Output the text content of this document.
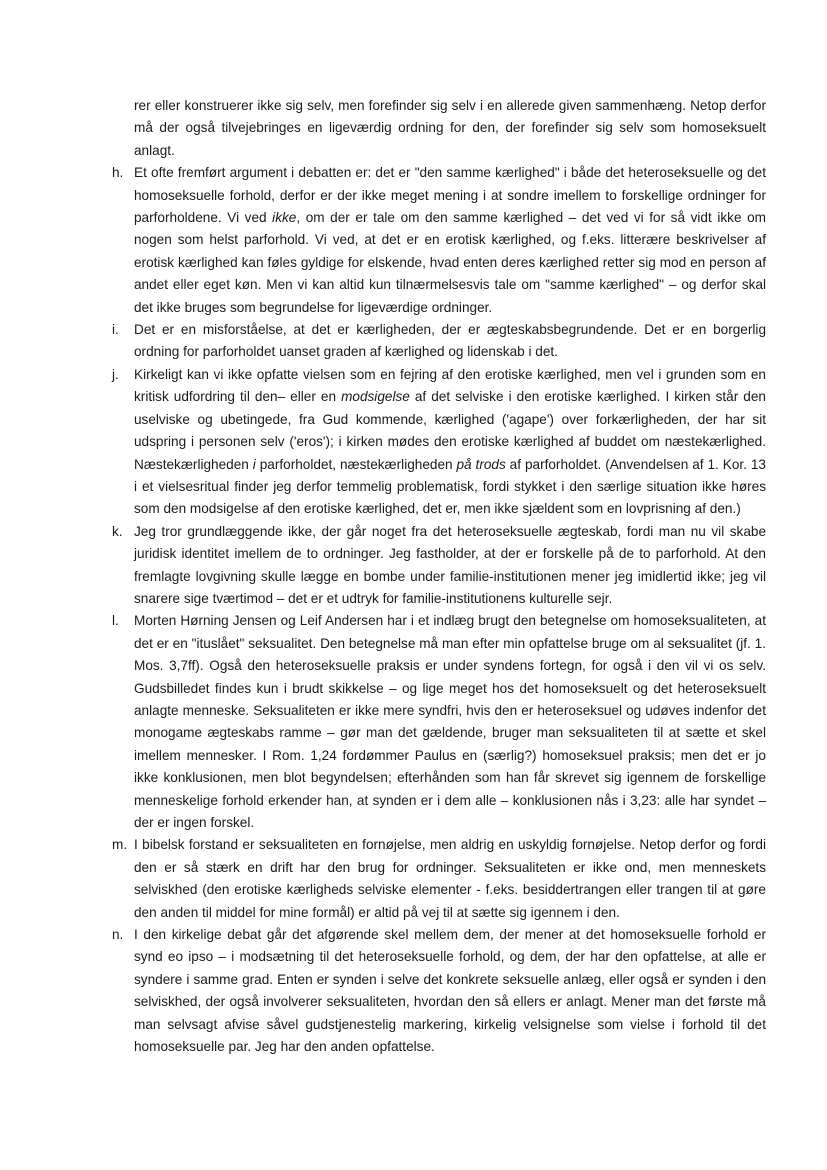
rer eller konstruerer ikke sig selv, men forefinder sig selv i en allerede given sammenhæng. Netop derfor må der også tilvejebringes en ligeværdig ordning for den, der forefinder sig selv som homoseksuelt anlagt.

h. Et ofte fremført argument i debatten er: det er "den samme kærlighed" i både det heteroseksuelle og det homoseksuelle forhold, derfor er der ikke meget mening i at sondre imellem to forskellige ordninger for parforholdene. Vi ved ikke, om der er tale om den samme kærlighed – det ved vi for så vidt ikke om nogen som helst parforhold. Vi ved, at det er en erotisk kærlighed, og f.eks. litterære beskrivelser af erotisk kærlighed kan føles gyldige for elskende, hvad enten deres kærlighed retter sig mod en person af andet eller eget køn. Men vi kan altid kun tilnærmelsesvis tale om "samme kærlighed" – og derfor skal det ikke bruges som begrundelse for ligeværdige ordninger.
i. Det er en misforståelse, at det er kærligheden, der er ægteskabsbegrundende. Det er en borgerlig ordning for parforholdet uanset graden af kærlighed og lidenskab i det.
j. Kirkeligt kan vi ikke opfatte vielsen som en fejring af den erotiske kærlighed, men vel i grunden som en kritisk udfordring til den– eller en modsigelse af det selviske i den erotiske kærlighed. I kirken står den uselviske og ubetingede, fra Gud kommende, kærlighed ('agape') over forkærligheden, der har sit udspring i personen selv ('eros'); i kirken mødes den erotiske kærlighed af buddet om næstekærlighed. Næstekærligheden i parforholdet, næstekærligheden på trods af parforholdet. (Anvendelsen af 1. Kor. 13 i et vielsesritual finder jeg derfor temmelig problematisk, fordi stykket i den særlige situation ikke høres som den modsigelse af den erotiske kærlighed, det er, men ikke sjældent som en lovprisning af den.)
k. Jeg tror grundlæggende ikke, der går noget fra det heteroseksuelle ægteskab, fordi man nu vil skabe juridisk identitet imellem de to ordninger. Jeg fastholder, at der er forskelle på de to parforhold. At den fremlagte lovgivning skulle lægge en bombe under familie-institutionen mener jeg imidlertid ikke; jeg vil snarere sige tværtimod – det er et udtryk for familie-institutionens kulturelle sejr.
l. Morten Hørning Jensen og Leif Andersen har i et indlæg brugt den betegnelse om homoseksualiteten, at det er en "ituslået" seksualitet. Den betegnelse må man efter min opfattelse bruge om al seksualitet (jf. 1. Mos. 3,7ff). Også den heteroseksuelle praksis er under syndens fortegn, for også i den vil vi os selv. Gudsbilledet findes kun i brudt skikkelse – og lige meget hos det homoseksuelt og det heteroseksuelt anlagte menneske. Seksualiteten er ikke mere syndfri, hvis den er heteroseksuel og udøves indenfor det monogame ægteskabs ramme – gør man det gældende, bruger man seksualiteten til at sætte et skel imellem mennesker. I Rom. 1,24 fordømmer Paulus en (særlig?) homoseksuel praksis; men det er jo ikke konklusionen, men blot begyndelsen; efterhånden som han får skrevet sig igennem de forskellige menneskelige forhold erkender han, at synden er i dem alle – konklusionen nås i 3,23: alle har syndet – der er ingen forskel.
m. I bibelsk forstand er seksualiteten en fornøjelse, men aldrig en uskyldig fornøjelse. Netop derfor og fordi den er så stærk en drift har den brug for ordninger. Seksualiteten er ikke ond, men menneskets selviskhed (den erotiske kærligheds selviske elementer - f.eks. besiddertrangen eller trangen til at gøre den anden til middel for mine formål) er altid på vej til at sætte sig igennem i den.
n. I den kirkelige debat går det afgørende skel mellem dem, der mener at det homoseksuelle forhold er synd eo ipso – i modsætning til det heteroseksuelle forhold, og dem, der har den opfattelse, at alle er syndere i samme grad. Enten er synden i selve det konkrete seksuelle anlæg, eller også er synden i den selviskhed, der også involverer seksualiteten, hvordan den så ellers er anlagt. Mener man det første må man selvsagt afvise såvel gudstjenestelig markering, kirkelig velsignelse som vielse i forhold til det homoseksuelle par. Jeg har den anden opfattelse.
